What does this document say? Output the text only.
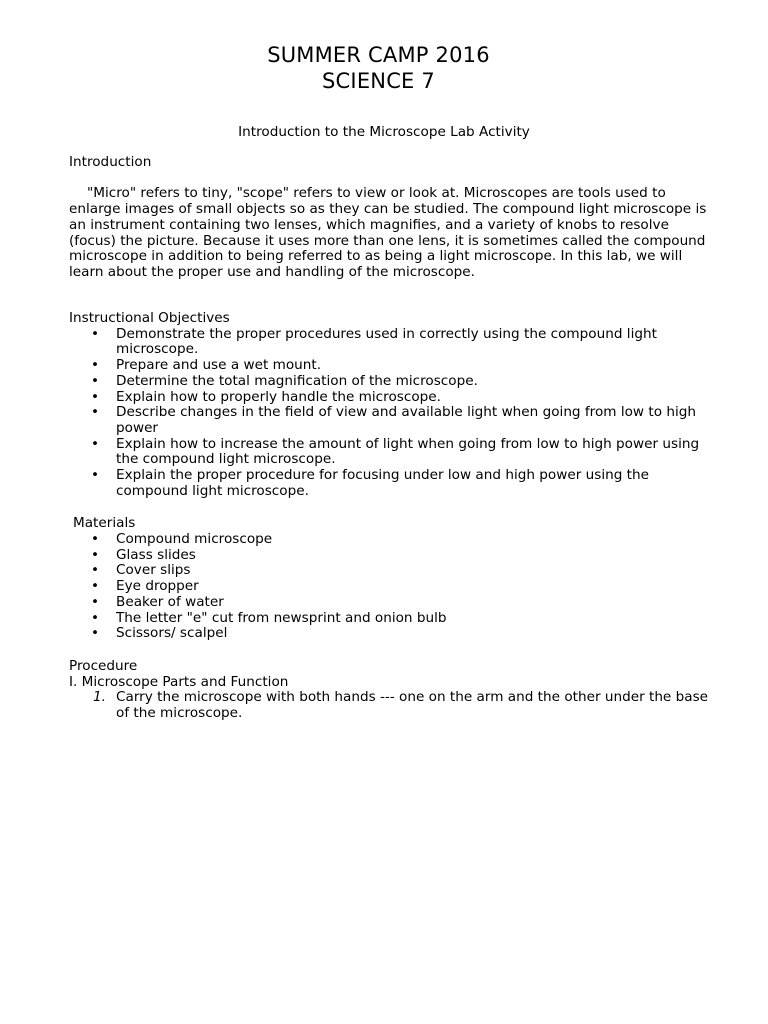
SUMMER CAMP 2016
SCIENCE 7
Introduction to the Microscope Lab Activity

Introduction

"Micro" refers to tiny, "scope" refers to view or look at. Microscopes are tools used to enlarge images of small objects so as they can be studied. The compound light microscope is an instrument containing two lenses, which magnifies, and a variety of knobs to resolve (focus) the picture. Because it uses more than one lens, it is sometimes called the compound microscope in addition to being referred to as being a light microscope. In this lab, we will learn about the proper use and handling of the microscope.

Instructional Objectives

• Demonstrate the proper procedures used in correctly using the compound light microscope.
• Prepare and use a wet mount.
• Determine the total magnification of the microscope.
• Explain how to properly handle the microscope.
• Describe changes in the field of view and available light when going from low to high power
• Explain how to increase the amount of light when going from low to high power using the compound light microscope.
• Explain the proper procedure for focusing under low and high power using the compound light microscope.

Materials

• Compound microscope
• Glass slides
• Cover slips
• Eye dropper
• Beaker of water
• The letter "e" cut from newsprint and onion bulb
• Scissors/ scalpel

Procedure

I. Microscope Parts and Function

1. Carry the microscope with both hands --- one on the arm and the other under the base of the microscope.
